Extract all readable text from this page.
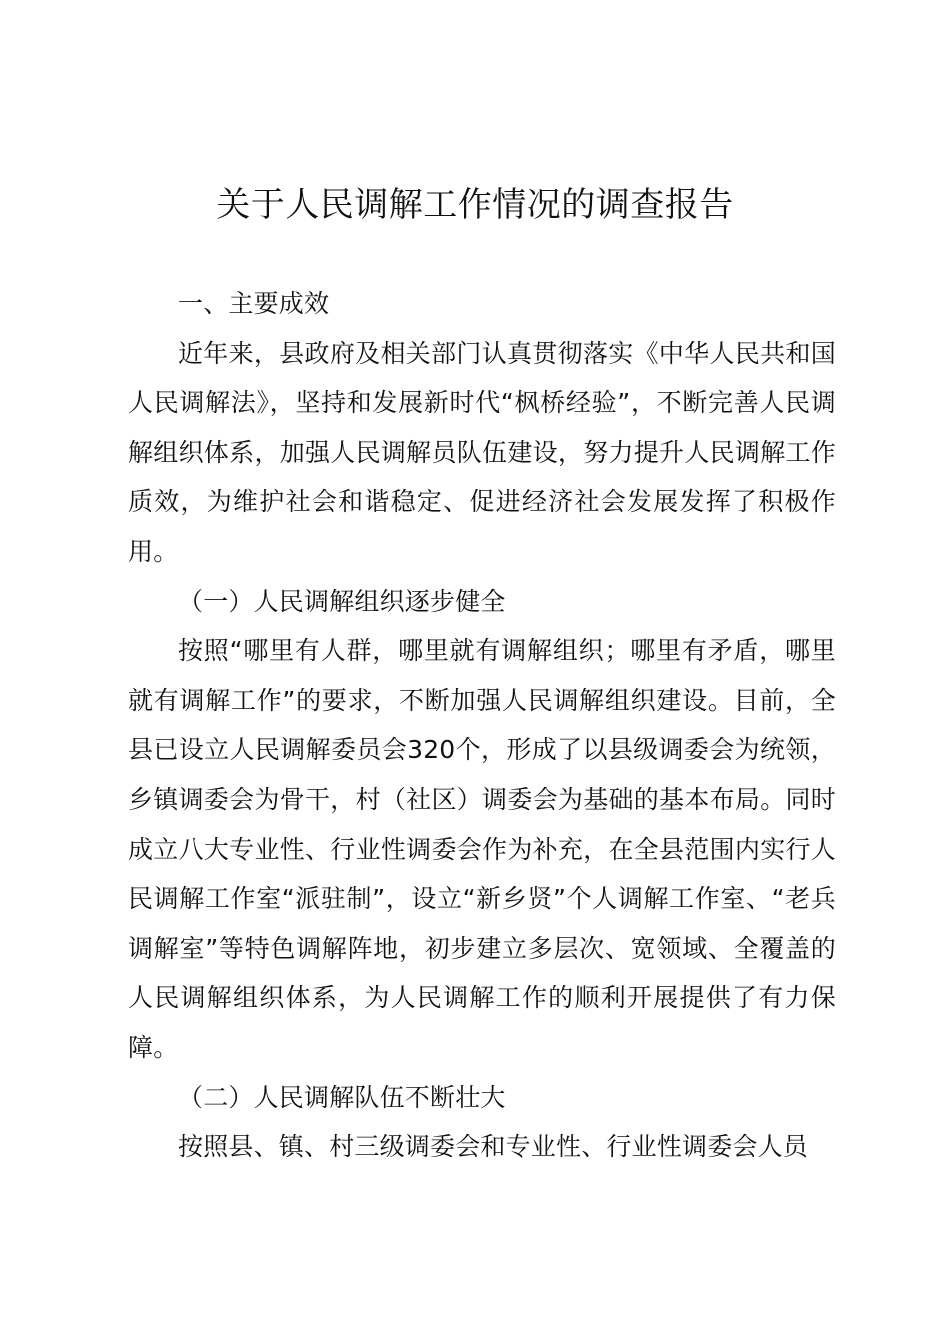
关于人民调解工作情况的调查报告

一、主要成效

近年来，县政府及相关部门认真贯彻落实《中华人民共和国人民调解法》，坚持和发展新时代“枫桥经验”，不断完善人民调解组织体系，加强人民调解员队伍建设，努力提升人民调解工作质效，为维护社会和谐稳定、促进经济社会发展发挥了积极作用。

（一）人民调解组织逐步健全

按照“哪里有人群，哪里就有调解组织；哪里有矛盾，哪里就有调解工作”的要求，不断加强人民调解组织建设。目前，全县已设立人民调解委员会320个，形成了以县级调委会为统领，乡镇调委会为骨干，村（社区）调委会为基础的基本布局。同时成立八大专业性、行业性调委会作为补充，在全县范围内实行人民调解工作室“派驻制”，设立“新乡贤”个人调解工作室、“老兵调解室”等特色调解阵地，初步建立多层次、宽领域、全覆盖的人民调解组织体系，为人民调解工作的顺利开展提供了有力保障。

（二）人民调解队伍不断壮大

按照县、镇、村三级调委会和专业性、行业性调委会人员
